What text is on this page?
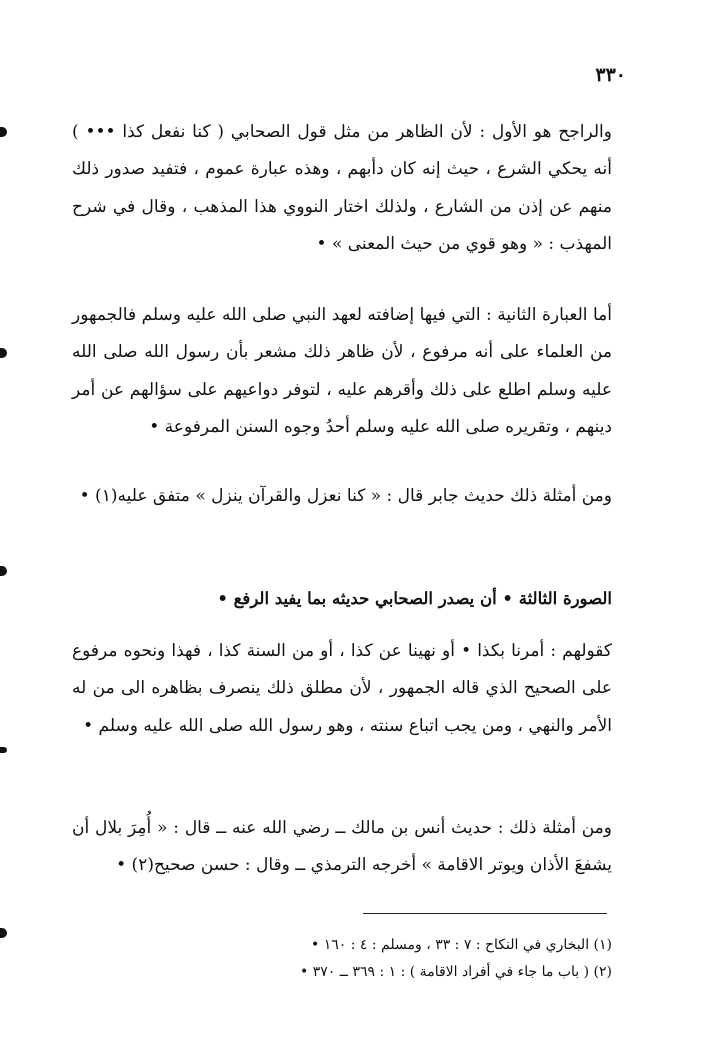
٣٣٠

والراجح هو الأول : لأن الظاهر من مثل قول الصحابي ( كنا نفعل كذا ••• ) أنه يحكي الشرع ، حيث إنه كان دأبهم ، وهذه عبارة عموم ، فتفيد صدور ذلك منهم عن إذن من الشارع ، ولذلك اختار النووي هذا المذهب ، وقال في شرح المهذب : « وهو قوي من حيث المعنى » •

أما العبارة الثانية : التي فيها إضافته لعهد النبي صلى الله عليه وسلم فالجمهور من العلماء على أنه مرفوع ، لأن ظاهر ذلك مشعر بأن رسول الله صلى الله عليه وسلم اطلع على ذلك وأقرهم عليه ، لتوفر دواعيهم على سؤالهم عن أمر دينهم ، وتقريره صلى الله عليه وسلم أحدُ وجوه السنن المرفوعة •

ومن أمثلة ذلك حديث جابر قال : « كنا نعزل والقرآن ينزل » متفق عليه(١) •

الصورة الثالثة • أن يصدر الصحابي حديثه بما يفيد الرفع •

كقولهم : أمرنا بكذا • أو نهينا عن كذا ، أو من السنة كذا ، فهذا ونحوه مرفوع على الصحيح الذي قاله الجمهور ، لأن مطلق ذلك ينصرف بظاهره الى من له الأمر والنهي ، ومن يجب اتباع سنته ، وهو رسول الله صلى الله عليه وسلم •

ومن أمثلة ذلك : حديث أنس بن مالك ــ رضي الله عنه ــ قال : « أُمِرَ بلال أن يشفعَ الأذان ويوتر الاقامة » أخرجه الترمذي ــ وقال : حسن صحيح(٢) •

(١) البخاري في النكاح : ٧ : ٣٣ ، ومسلم : ٤ : ١٦٠ •

(٢) ( باب ما جاء في أفراد الاقامة ) : ١ : ٣٦٩ ــ ٣٧٠ •
